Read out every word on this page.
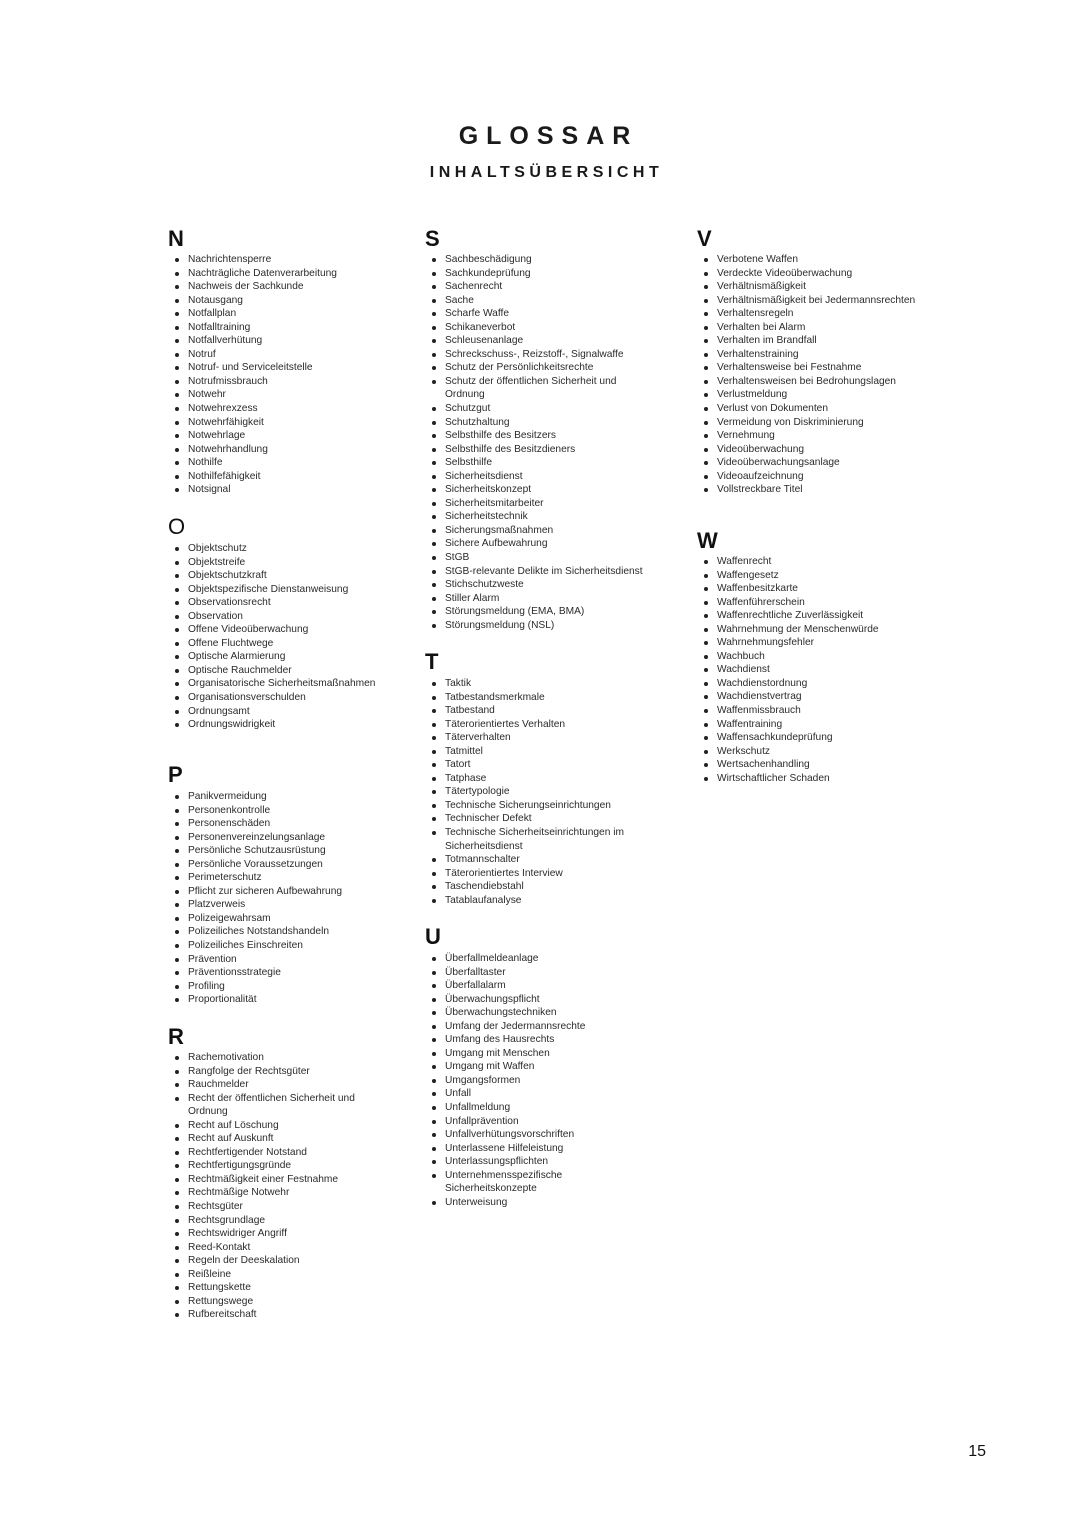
GLOSSAR
INHALTSÜBERSICHT
N
Nachrichtensperre
Nachträgliche Datenverarbeitung
Nachweis der Sachkunde
Notausgang
Notfallplan
Notfalltraining
Notfallverhütung
Notruf
Notruf- und Serviceleitstelle
Notrufmissbrauch
Notwehr
Notwehrexzess
Notwehrfähigkeit
Notwehrlage
Notwehrhandlung
Nothilfe
Nothilfefähigkeit
Notsignal
O
Objektschutz
Objektstreife
Objektschutzkraft
Objektspezifische Dienstanweisung
Observationsrecht
Observation
Offene Videoüberwachung
Offene Fluchtwege
Optische Alarmierung
Optische Rauchmelder
Organisatorische Sicherheitsmaßnahmen
Organisationsverschulden
Ordnungsamt
Ordnungswidrigkeit
P
Panikvermeidung
Personenkontrolle
Personenschäden
Personenvereinzelungsanlage
Persönliche Schutzausrüstung
Persönliche Voraussetzungen
Perimeterschutz
Pflicht zur sicheren Aufbewahrung
Platzverweis
Polizeigewahrsam
Polizeiliches Notstandshandeln
Polizeiliches Einschreiten
Prävention
Präventionsstrategie
Profiling
Proportionalität
R
Rachemotivation
Rangfolge der Rechtsgüter
Rauchmelder
Recht der öffentlichen Sicherheit und Ordnung
Recht auf Löschung
Recht auf Auskunft
Rechtfertigender Notstand
Rechtfertigungsgründe
Rechtmäßigkeit einer Festnahme
Rechtmäßige Notwehr
Rechtsgüter
Rechtsgrundlage
Rechtswidriger Angriff
Reed-Kontakt
Regeln der Deeskalation
Reißleine
Rettungskette
Rettungswege
Rufbereitschaft
S
Sachbeschädigung
Sachkundeprüfung
Sachenrecht
Sache
Scharfe Waffe
Schikaneverbot
Schleusenanlage
Schreckschuss-, Reizstoff-, Signalwaffe
Schutz der Persönlichkeitsrechte
Schutz der öffentlichen Sicherheit und Ordnung
Schutzgut
Schutzhaltung
Selbsthilfe des Besitzers
Selbsthilfe des Besitzdieners
Selbsthilfe
Sicherheitsdienst
Sicherheitskonzept
Sicherheitsmitarbeiter
Sicherheitstechnik
Sicherungsmaßnahmen
Sichere Aufbewahrung
StGB
StGB-relevante Delikte im Sicherheitsdienst
Stichschutzweste
Stiller Alarm
Störungsmeldung (EMA, BMA)
Störungsmeldung (NSL)
T
Taktik
Tatbestandsmerkmale
Tatbestand
Täterorientiertes Verhalten
Täterverhalten
Tatmittel
Tatort
Tatphase
Tätertypologie
Technische Sicherungseinrichtungen
Technischer Defekt
Technische Sicherheitseinrichtungen im Sicherheitsdienst
Totmannschalter
Täterorientiertes Interview
Taschendiebstahl
Tatablaufanalyse
U
Überfallmeldeanlage
Überfalltaster
Überfallalarm
Überwachungspflicht
Überwachungstechniken
Umfang der Jedermannsrechte
Umfang des Hausrechts
Umgang mit Menschen
Umgang mit Waffen
Umgangsformen
Unfall
Unfallmeldung
Unfallprävention
Unfallverhütungsvorschriften
Unterlassene Hilfeleistung
Unterlassungspflichten
Unternehmensspezifische Sicherheitskonzepte
Unterweisung
V
Verbotene Waffen
Verdeckte Videoüberwachung
Verhältnismäßigkeit
Verhältnismäßigkeit bei Jedermannsrechten
Verhaltensregeln
Verhalten bei Alarm
Verhalten im Brandfall
Verhaltenstraining
Verhaltensweise bei Festnahme
Verhaltensweisen bei Bedrohungslagen
Verlustmeldung
Verlust von Dokumenten
Vermeidung von Diskriminierung
Vernehmung
Videoüberwachung
Videoüberwachungsanlage
Videoaufzeichnung
Vollstreckbare Titel
W
Waffenrecht
Waffengesetz
Waffenbesitzkarte
Waffenführerschein
Waffenrechtliche Zuverlässigkeit
Wahrnehmung der Menschenwürde
Wahrnehmungsfehler
Wachbuch
Wachdienst
Wachdienstordnung
Wachdienstvertrag
Waffenmissbrauch
Waffentraining
Waffensachkundeprüfung
Werkschutz
Wertsachenhandling
Wirtschaftlicher Schaden
15
